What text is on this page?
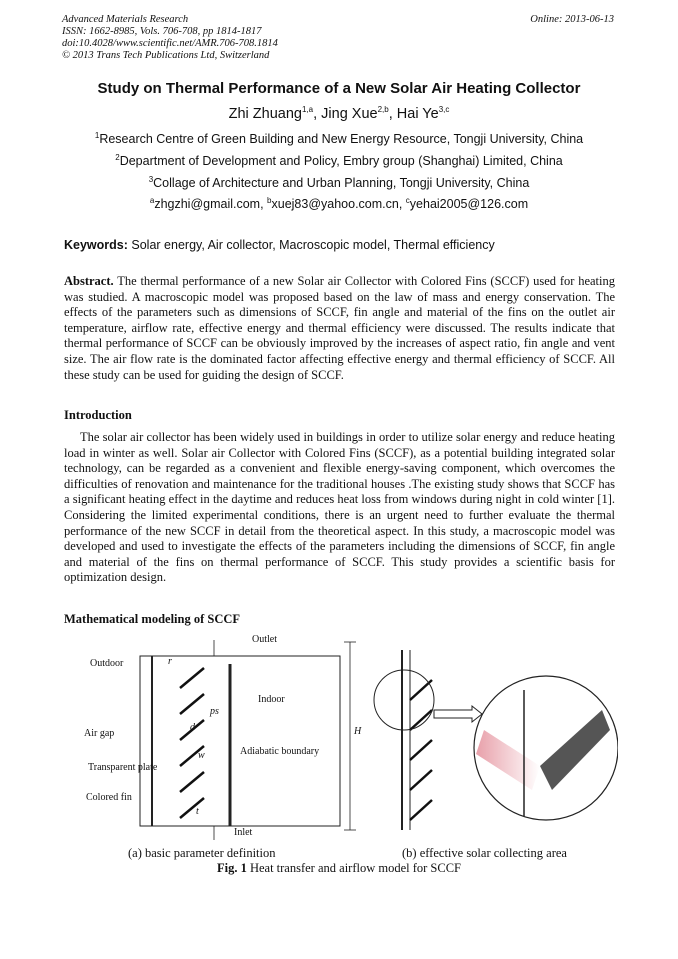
Advanced Materials Research
ISSN: 1662-8985, Vols. 706-708, pp 1814-1817
doi:10.4028/www.scientific.net/AMR.706-708.1814
© 2013 Trans Tech Publications Ltd, Switzerland
Online: 2013-06-13
Study on Thermal Performance of a New Solar Air Heating Collector
Zhi Zhuang$^{1,a}$, Jing Xue$^{2,b}$, Hai Ye$^{3,c}$
$^1$Research Centre of Green Building and New Energy Resource, Tongji University, China
$^2$Department of Development and Policy, Embry group (Shanghai) Limited, China
$^3$Collage of Architecture and Urban Planning, Tongji University, China
$^a$zhgzhi@gmail.com, $^b$xuej83@yahoo.com.cn, $^c$yehai2005@126.com
Keywords: Solar energy, Air collector, Macroscopic model, Thermal efficiency
Abstract. The thermal performance of a new Solar air Collector with Colored Fins (SCCF) used for heating was studied. A macroscopic model was proposed based on the law of mass and energy conservation. The effects of the parameters such as dimensions of SCCF, fin angle and material of the fins on the outlet air temperature, airflow rate, effective energy and thermal efficiency were discussed. The results indicate that thermal performance of SCCF can be obviously improved by the increases of aspect ratio, fin angle and vent size. The air flow rate is the dominated factor affecting effective energy and thermal efficiency of SCCF. All these study can be used for guiding the design of SCCF.
Introduction
The solar air collector has been widely used in buildings in order to utilize solar energy and reduce heating load in winter as well. Solar air Collector with Colored Fins (SCCF), as a potential building integrated solar technology, can be regarded as a convenient and flexible energy-saving component, which overcomes the difficulties of renovation and maintenance for the traditional houses .The existing study shows that SCCF has a significant heating effect in the daytime and reduces heat loss from windows during night in cold winter [1]. Considering the limited experimental conditions, there is an urgent need to further evaluate the thermal performance of the new SCCF in detail from the theoretical aspect. In this study, a macroscopic model was developed and used to investigate the effects of the parameters including the dimensions of SCCF, fin angle and material of the fins on thermal performance of SCCF. This study provides a scientific basis for optimization design.
Mathematical modeling of SCCF
Outlet
Outdoor
Indoor
Air gap
Transparent plate
Colored fin
Adiabatic boundary
Inlet
H
d
w
ps
t
r
(a) basic parameter definition	(b) effective solar collecting area
Fig. 1 Heat transfer and airflow model for SCCF
